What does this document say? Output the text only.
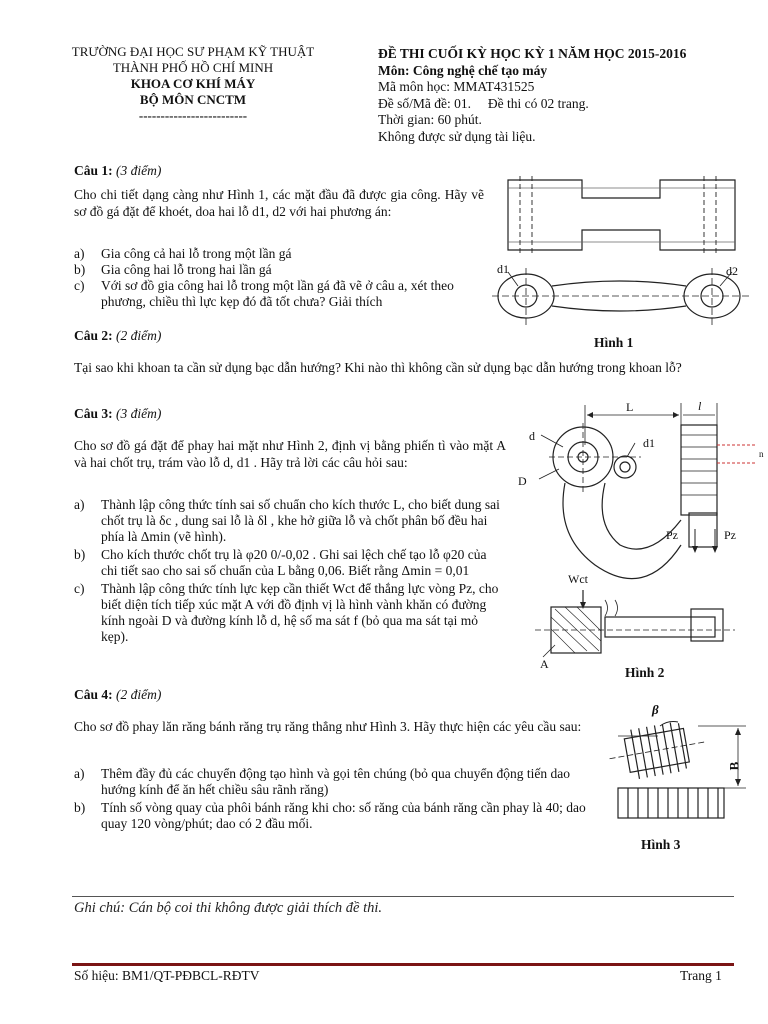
TRƯỜNG ĐẠI HỌC SƯ PHẠM KỸ THUẬT
THÀNH PHỐ HỒ CHÍ MINH
KHOA CƠ KHÍ MÁY
BỘ MÔN CNCTM
-------------------------
ĐỀ THI CUỐI KỲ HỌC KỲ 1 NĂM HỌC 2015-2016
Môn: Công nghệ chế tạo máy
Mã môn học: MMAT431525
Đề số/Mã đề: 01.     Đề thi có 02 trang.
Thời gian: 60 phút.
Không được sử dụng tài liệu.
Câu 1: (3 điểm)
Cho chi tiết dạng càng như Hình 1, các mặt đầu đã được gia công. Hãy vẽ sơ đồ gá đặt để khoét, doa hai lỗ d1, d2 với hai phương án:
a)	Gia công cả hai lỗ trong một lần gá
b)	Gia công hai lỗ trong hai lần gá
c)	Với sơ đồ gia công hai lỗ trong một lần gá đã vẽ ở câu a, xét theo phương, chiều thì lực kẹp đó đã tốt chưa? Giải thích
d1	d2
Hình 1
Câu 2: (2 điểm)
Tại sao khi khoan ta cần sử dụng bạc dẫn hướng? Khi nào thì không cần sử dụng bạc dẫn hướng trong khoan lỗ?
Câu 3: (3 điểm)
Cho sơ đồ gá đặt để phay hai mặt như Hình 2, định vị bằng phiến tì vào mặt A và hai chốt trụ, trám vào lỗ d, d1 . Hãy trả lời các câu hỏi sau:
a)	Thành lập công thức tính sai số chuẩn cho kích thước L, cho biết dung sai chốt trụ là δc , dung sai lỗ là δl , khe hở giữa lỗ và chốt phân bố đều hai phía là Δmin (vẽ hình).
b)	Cho kích thước chốt trụ là φ20 0/-0,02 . Ghi sai lệch chế tạo lỗ φ20 của chi tiết sao cho sai số chuẩn của L bằng 0,06. Biết rằng Δmin = 0,01
c)	Thành lập công thức tính lực kẹp cần thiết Wct để thắng lực vòng Pz, cho biết diện tích tiếp xúc mặt A với đồ định vị là hình vành khăn có đường kính ngoài D và đường kính lỗ d, hệ số ma sát f (bỏ qua ma sát tại mỏ kẹp).
L	l
d	d1
D
n
Pz	Pz
Wct
A
Hình 2
Câu 4: (2 điểm)
Cho sơ đồ phay lăn răng bánh răng trụ răng thẳng như Hình 3. Hãy thực hiện các yêu cầu sau:
a)	Thêm đầy đủ các chuyển động tạo hình và gọi tên chúng (bỏ qua chuyển động tiến dao hướng kính để ăn hết chiều sâu rãnh răng)
b)	Tính số vòng quay của phôi bánh răng khi cho: số răng của bánh răng cần phay là 40; dao quay 120 vòng/phút; dao có 2 đầu mối.
β
B
Hình 3
Ghi chú: Cán bộ coi thi không được giải thích đề thi.
Số hiệu: BM1/QT-PĐBCL-RĐTV	Trang 1
